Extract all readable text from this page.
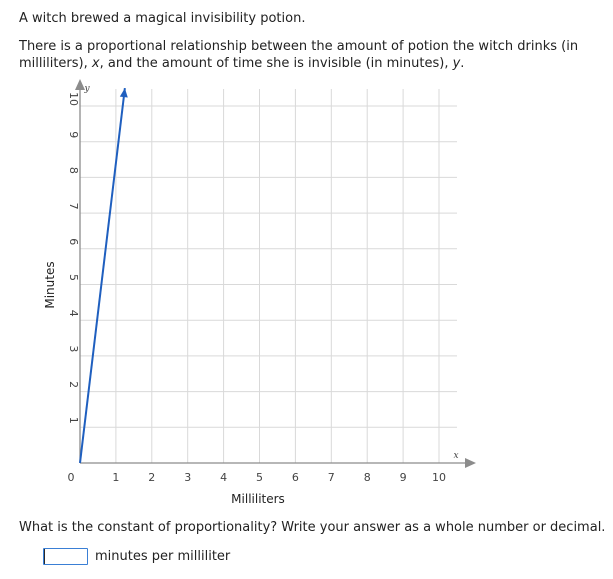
A witch brewed a magical invisibility potion.

There is a proportional relationship between the amount of potion the witch drinks (in milliliters), x, and the amount of time she is invisible (in minutes), y.

0	1	2	3	4	5	6	7	8	9 10
1
2
3
4
5
6
7
8
9
10
Milliliters
Minutes
x
y

What is the constant of proportionality? Write your answer as a whole number or decimal.

minutes per milliliter
